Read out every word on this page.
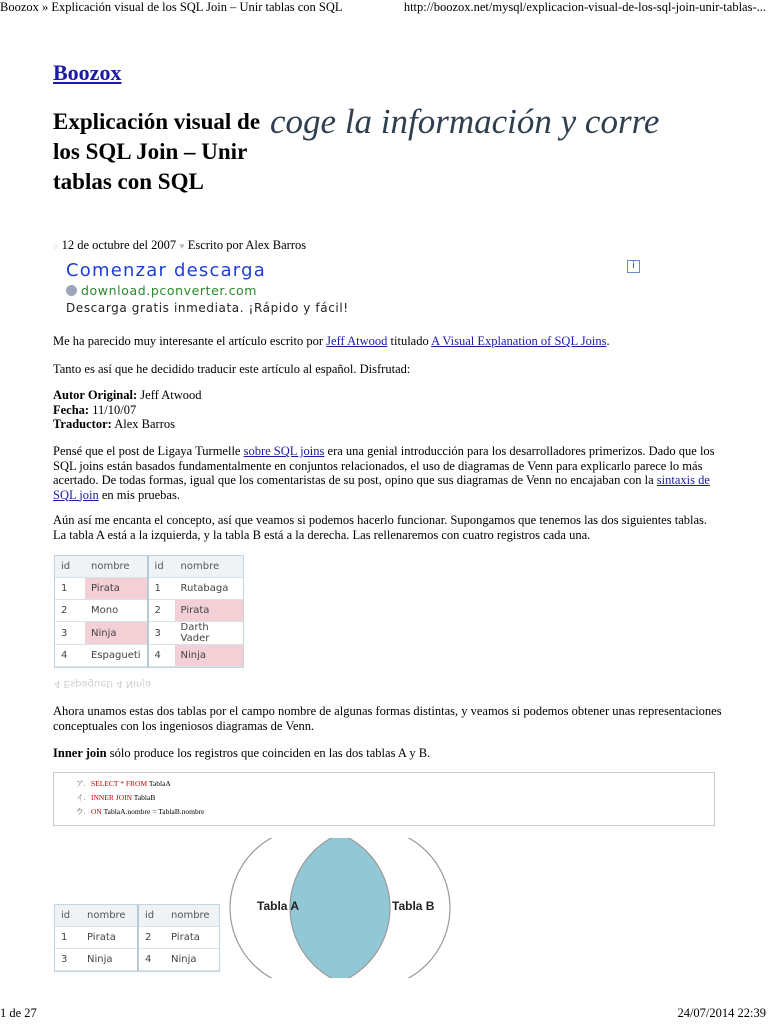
Boozox » Explicación visual de los SQL Join – Unir tablas con SQL	http://boozox.net/mysql/explicacion-visual-de-los-sql-join-unir-tablas-...
Boozox
Explicación visual de los SQL Join – Unir tablas con SQL
coge la información y corre
○ 12 de octubre del 2007 ♥ Escrito por Alex Barros
Comenzar descarga
download.pconverter.com
Descarga gratis inmediata. ¡Rápido y fácil!
i
Me ha parecido muy interesante el artículo escrito por Jeff Atwood titulado A Visual Explanation of SQL Joins.
Tanto es así que he decidido traducir este artículo al español. Disfrutad:
Autor Original: Jeff Atwood
Fecha: 11/10/07
Traductor: Alex Barros
Pensé que el post de Ligaya Turmelle sobre SQL joins era una genial introducción para los desarrolladores primerizos. Dado que los SQL joins están basados fundamentalmente en conjuntos relacionados, el uso de diagramas de Venn para explicarlo parece lo más acertado. De todas formas, igual que los comentaristas de su post, opino que sus diagramas de Venn no encajaban con la sintaxis de SQL join en mis pruebas.
Aún así me encanta el concepto, así que veamos si podemos hacerlo funcionar. Supongamos que tenemos las dos siguientes tablas. La tabla A está a la izquierda, y la tabla B está a la derecha. Las rellenaremos con cuatro registros cada una.
id	nombre	id	nombre
1	Pirata	1	Rutabaga
2	Mono	2	Pirata
3	Ninja	3	Darth Vader
4	Espagueti	4	Ninja
4 Espagueti 4 Ninja
Ahora unamos estas dos tablas por el campo nombre de algunas formas distintas, y veamos si podemos obtener unas representaciones conceptuales con los ingeniosos diagramas de Venn.
Inner join sólo produce los registros que coinciden en las dos tablas A y B.
ア. SELECT * FROM TablaA
イ. INNER JOIN TablaB
ウ. ON TablaA.nombre = TablaB.nombre
Tabla A	Tabla B
id	nombre	id	nombre
1	Pirata	2	Pirata
3	Ninja	4	Ninja
1 de 27	24/07/2014 22:39
